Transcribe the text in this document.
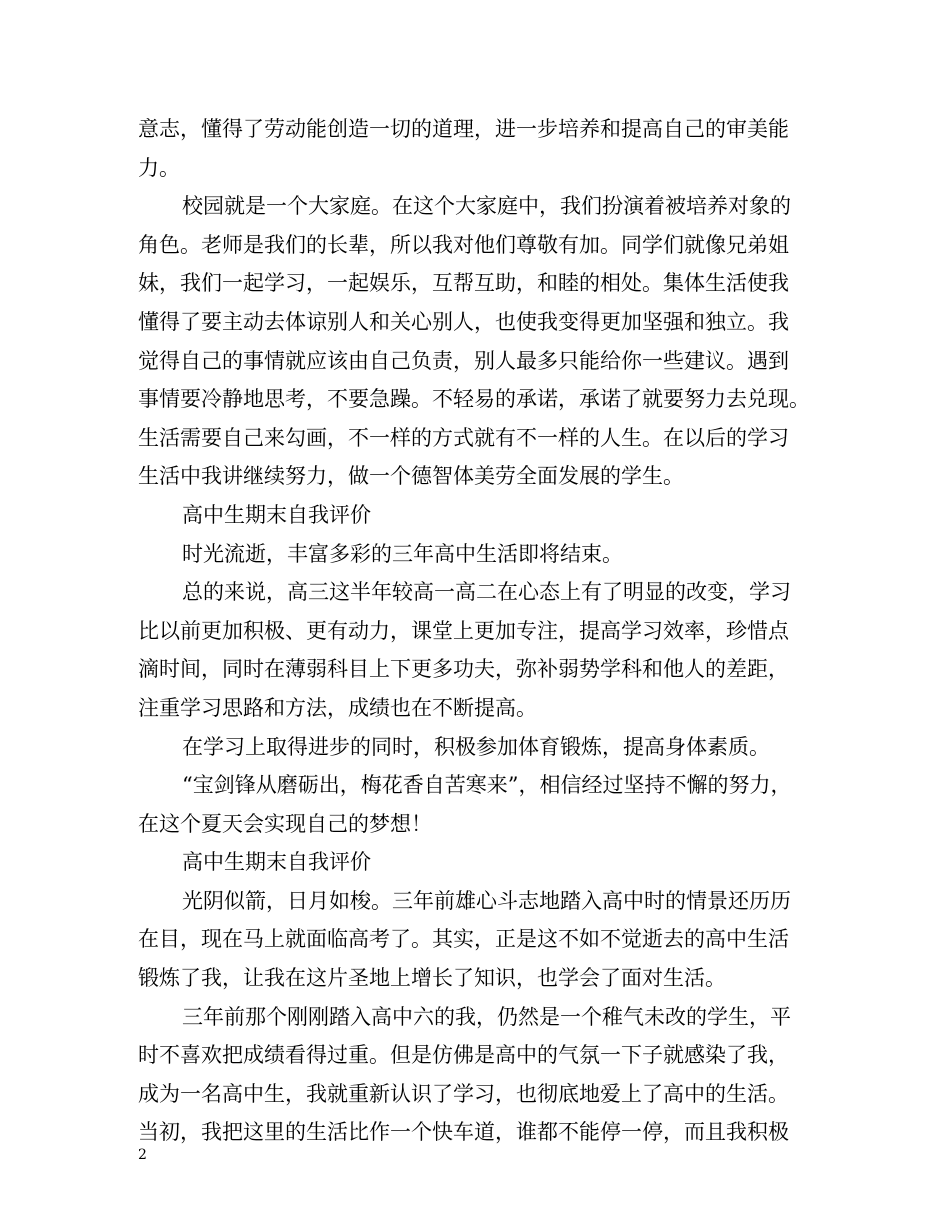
意志，懂得了劳动能创造一切的道理，进一步培养和提高自己的审美能
力。
校园就是一个大家庭。在这个大家庭中，我们扮演着被培养对象的
角色。老师是我们的长辈，所以我对他们尊敬有加。同学们就像兄弟姐
妹，我们一起学习，一起娱乐，互帮互助，和睦的相处。集体生活使我
懂得了要主动去体谅别人和关心别人，也使我变得更加坚强和独立。我
觉得自己的事情就应该由自己负责，别人最多只能给你一些建议。遇到
事情要冷静地思考，不要急躁。不轻易的承诺，承诺了就要努力去兑现。
生活需要自己来勾画，不一样的方式就有不一样的人生。在以后的学习
生活中我讲继续努力，做一个德智体美劳全面发展的学生。
高中生期末自我评价
时光流逝，丰富多彩的三年高中生活即将结束。
总的来说，高三这半年较高一高二在心态上有了明显的改变，学习
比以前更加积极、更有动力，课堂上更加专注，提高学习效率，珍惜点
滴时间，同时在薄弱科目上下更多功夫，弥补弱势学科和他人的差距，
注重学习思路和方法，成绩也在不断提高。
在学习上取得进步的同时，积极参加体育锻炼，提高身体素质。
“宝剑锋从磨砺出，梅花香自苦寒来”，相信经过坚持不懈的努力，
在这个夏天会实现自己的梦想！
高中生期末自我评价
光阴似箭，日月如梭。三年前雄心斗志地踏入高中时的情景还历历
在目，现在马上就面临高考了。其实，正是这不如不觉逝去的高中生活
锻炼了我，让我在这片圣地上增长了知识，也学会了面对生活。
三年前那个刚刚踏入高中六的我，仍然是一个稚气未改的学生，平
时不喜欢把成绩看得过重。但是仿佛是高中的气氛一下子就感染了我，
成为一名高中生，我就重新认识了学习，也彻底地爱上了高中的生活。
当初，我把这里的生活比作一个快车道，谁都不能停一停，而且我积极
2
